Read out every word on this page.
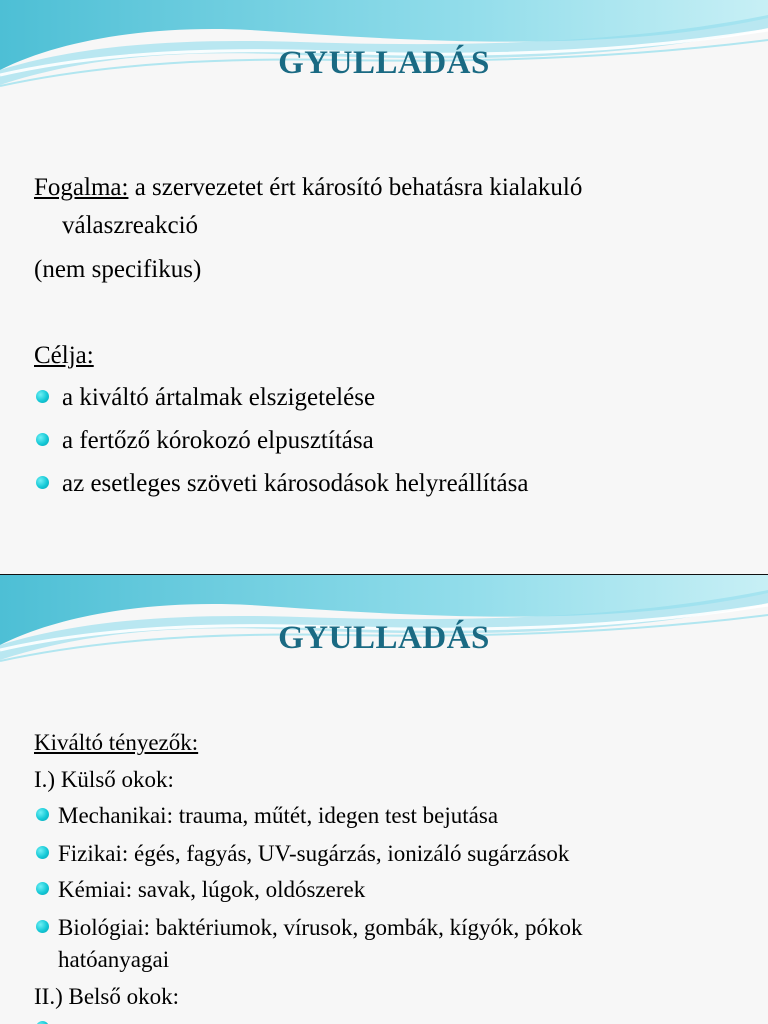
GYULLADÁS
Fogalma: a szervezetet ért károsító behatásra kialakuló
válaszreakció
(nem specifikus)
Célja:
a kiváltó ártalmak elszigetelése
a fertőző kórokozó elpusztítása
az esetleges szöveti károsodások helyreállítása
GYULLADÁS
Kiváltó tényezők:
I.) Külső okok:
Mechanikai: trauma, műtét, idegen test bejutása
Fizikai: égés, fagyás, UV-sugárzás, ionizáló sugárzások
Kémiai: savak, lúgok, oldószerek
Biológiai: baktériumok, vírusok, gombák, kígyók, pókok
hatóanyagai
II.) Belső okok:
